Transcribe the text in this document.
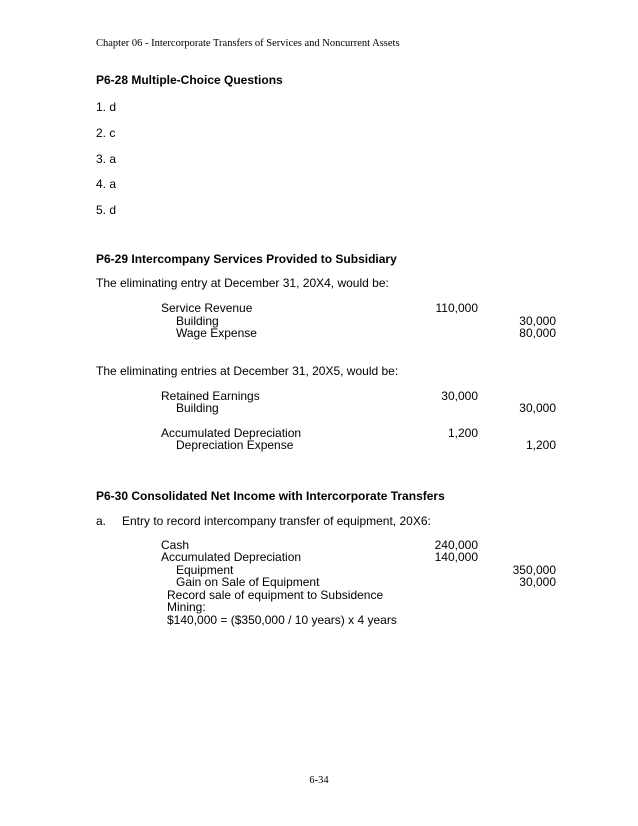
Chapter 06 - Intercorporate Transfers of Services and Noncurrent Assets
P6-28 Multiple-Choice Questions
1. d
2. c
3. a
4. a
5. d
P6-29 Intercompany Services Provided to Subsidiary
The eliminating entry at December 31, 20X4, would be:
Service Revenue	110,000
Building	30,000
Wage Expense	80,000
The eliminating entries at December 31, 20X5, would be:
Retained Earnings	30,000
Building	30,000
Accumulated Depreciation	1,200
Depreciation Expense	1,200
P6-30 Consolidated Net Income with Intercorporate Transfers
a. Entry to record intercompany transfer of equipment, 20X6:
Cash	240,000
Accumulated Depreciation	140,000
Equipment	350,000
Gain on Sale of Equipment	30,000
Record sale of equipment to Subsidence
Mining:
$140,000 = ($350,000 / 10 years) x 4 years
6-34
